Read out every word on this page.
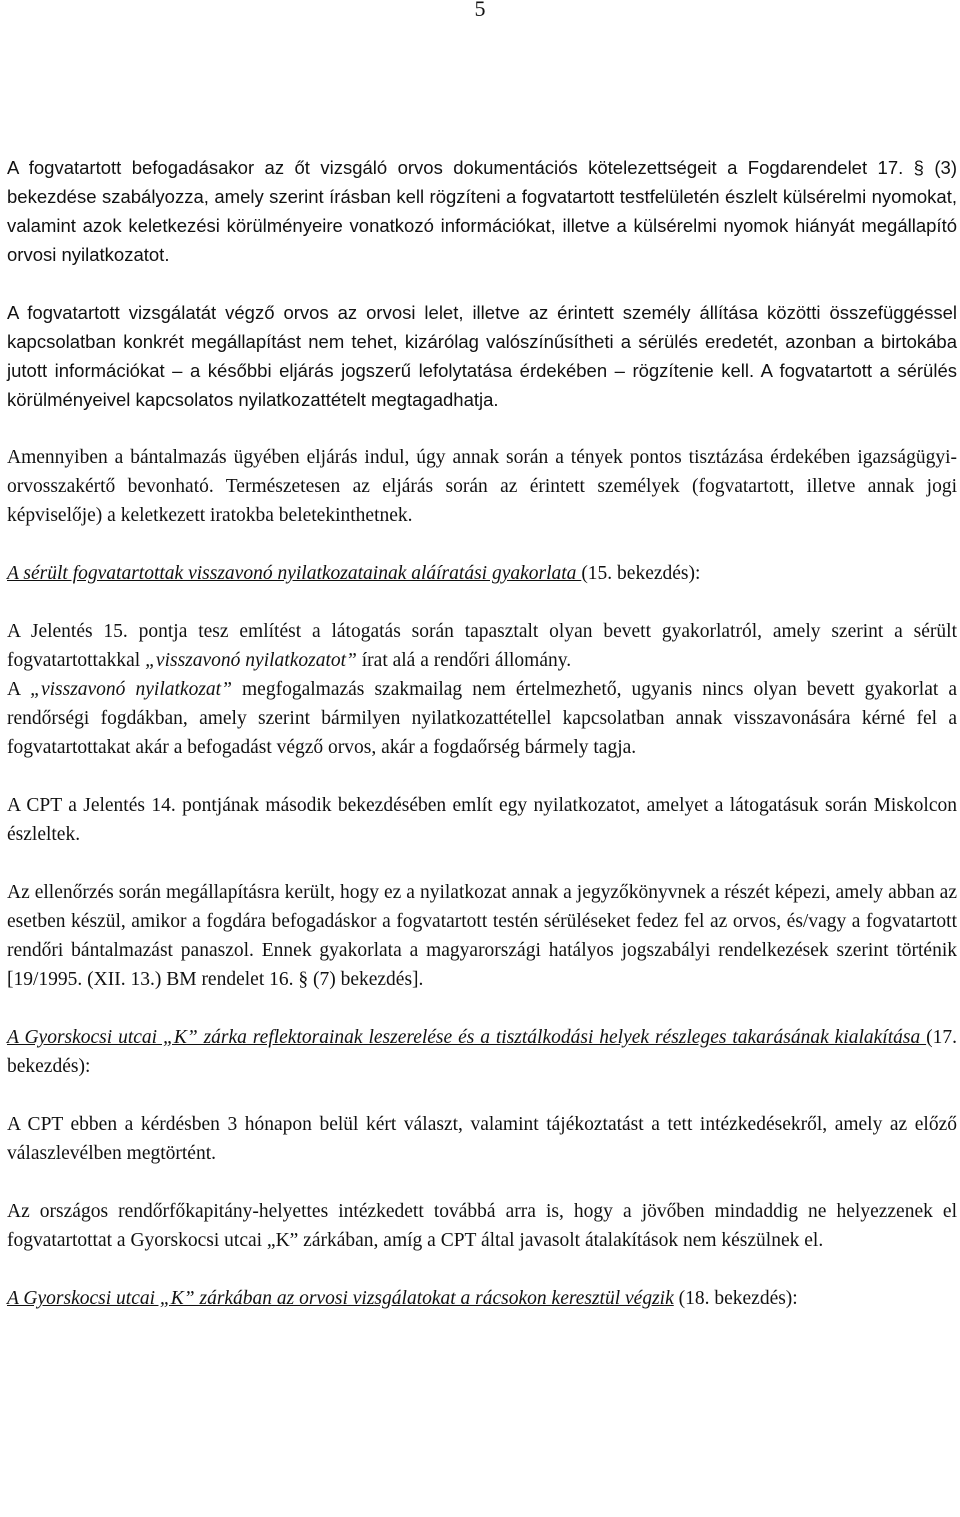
5

A fogvatartott befogadásakor az őt vizsgáló orvos dokumentációs kötelezettségeit a Fogdarendelet 17. § (3) bekezdése szabályozza, amely szerint írásban kell rögzíteni a fogvatartott testfelületén észlelt külsérelmi nyomokat, valamint azok keletkezési körülményeire vonatkozó információkat, illetve a külsérelmi nyomok hiányát megállapító orvosi nyilatkozatot.

A fogvatartott vizsgálatát végző orvos az orvosi lelet, illetve az érintett személy állítása közötti összefüggéssel kapcsolatban konkrét megállapítást nem tehet, kizárólag valószínűsítheti a sérülés eredetét, azonban a birtokába jutott információkat – a későbbi eljárás jogszerű lefolytatása érdekében – rögzítenie kell. A fogvatartott a sérülés körülményeivel kapcsolatos nyilatkozattételt megtagadhatja.

Amennyiben a bántalmazás ügyében eljárás indul, úgy annak során a tények pontos tisztázása érdekében igazságügyi-orvosszakértő bevonható. Természetesen az eljárás során az érintett személyek (fogvatartott, illetve annak jogi képviselője) a keletkezett iratokba beletekinthetnek.

A sérült fogvatartottak visszavonó nyilatkozatainak aláíratási gyakorlata (15. bekezdés):

A Jelentés 15. pontja tesz említést a látogatás során tapasztalt olyan bevett gyakorlatról, amely szerint a sérült fogvatartottakkal „visszavonó nyilatkozatot” írat alá a rendőri állomány.

A „visszavonó nyilatkozat” megfogalmazás szakmailag nem értelmezhető, ugyanis nincs olyan bevett gyakorlat a rendőrségi fogdákban, amely szerint bármilyen nyilatkozattétellel kapcsolatban annak visszavonására kérné fel a fogvatartottakat akár a befogadást végző orvos, akár a fogdaőrség bármely tagja.

A CPT a Jelentés 14. pontjának második bekezdésében említ egy nyilatkozatot, amelyet a látogatásuk során Miskolcon észleltek.

Az ellenőrzés során megállapításra került, hogy ez a nyilatkozat annak a jegyzőkönyvnek a részét képezi, amely abban az esetben készül, amikor a fogdára befogadáskor a fogvatartott testén sérüléseket fedez fel az orvos, és/vagy a fogvatartott rendőri bántalmazást panaszol. Ennek gyakorlata a magyarországi hatályos jogszabályi rendelkezések szerint történik [19/1995. (XII. 13.) BM rendelet 16. § (7) bekezdés].

A Gyorskocsi utcai „K” zárka reflektorainak leszerelése és a tisztálkodási helyek részleges takarásának kialakítása (17. bekezdés):

A CPT ebben a kérdésben 3 hónapon belül kért választ, valamint tájékoztatást a tett intézkedésekről, amely az előző válaszlevélben megtörtént.

Az országos rendőrfőkapitány-helyettes intézkedett továbbá arra is, hogy a jövőben mindaddig ne helyezzenek el fogvatartottat a Gyorskocsi utcai „K” zárkában, amíg a CPT által javasolt átalakítások nem készülnek el.

A Gyorskocsi utcai „K” zárkában az orvosi vizsgálatokat a rácsokon keresztül végzik (18. bekezdés):
